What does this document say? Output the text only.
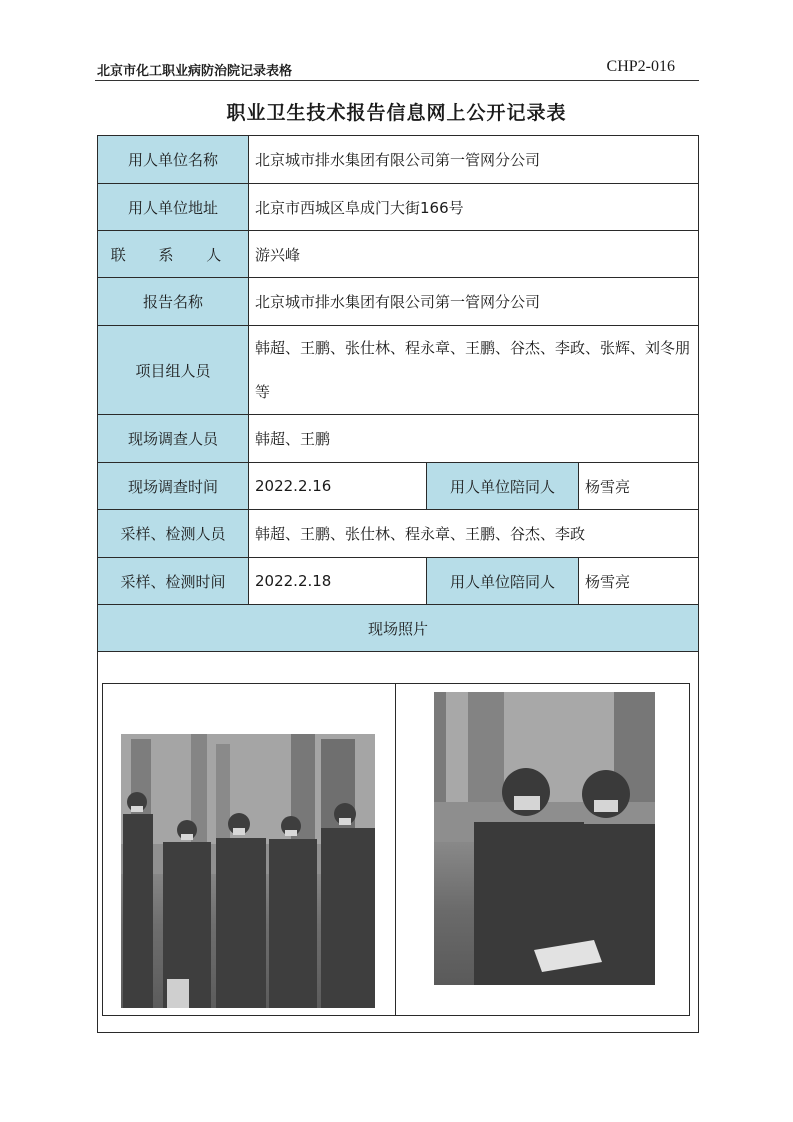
北京市化工职业病防治院记录表格	CHP2-016
职业卫生技术报告信息网上公开记录表
用人单位名称	北京城市排水集团有限公司第一管网分公司		
用人单位地址	北京市西城区阜成门大街166号		
联 系 人	游兴峰		
报告名称	北京城市排水集团有限公司第一管网分公司		
项目组人员	韩超、王鹏、张仕林、程永章、王鹏、谷杰、李政、张辉、刘冬朋等		
现场调查人员	韩超、王鹏		
现场调查时间	2022.2.16	用人单位陪同人	杨雪亮
采样、检测人员	韩超、王鹏、张仕林、程永章、王鹏、谷杰、李政		
采样、检测时间	2022.2.18	用人单位陪同人	杨雪亮
现场照片			
